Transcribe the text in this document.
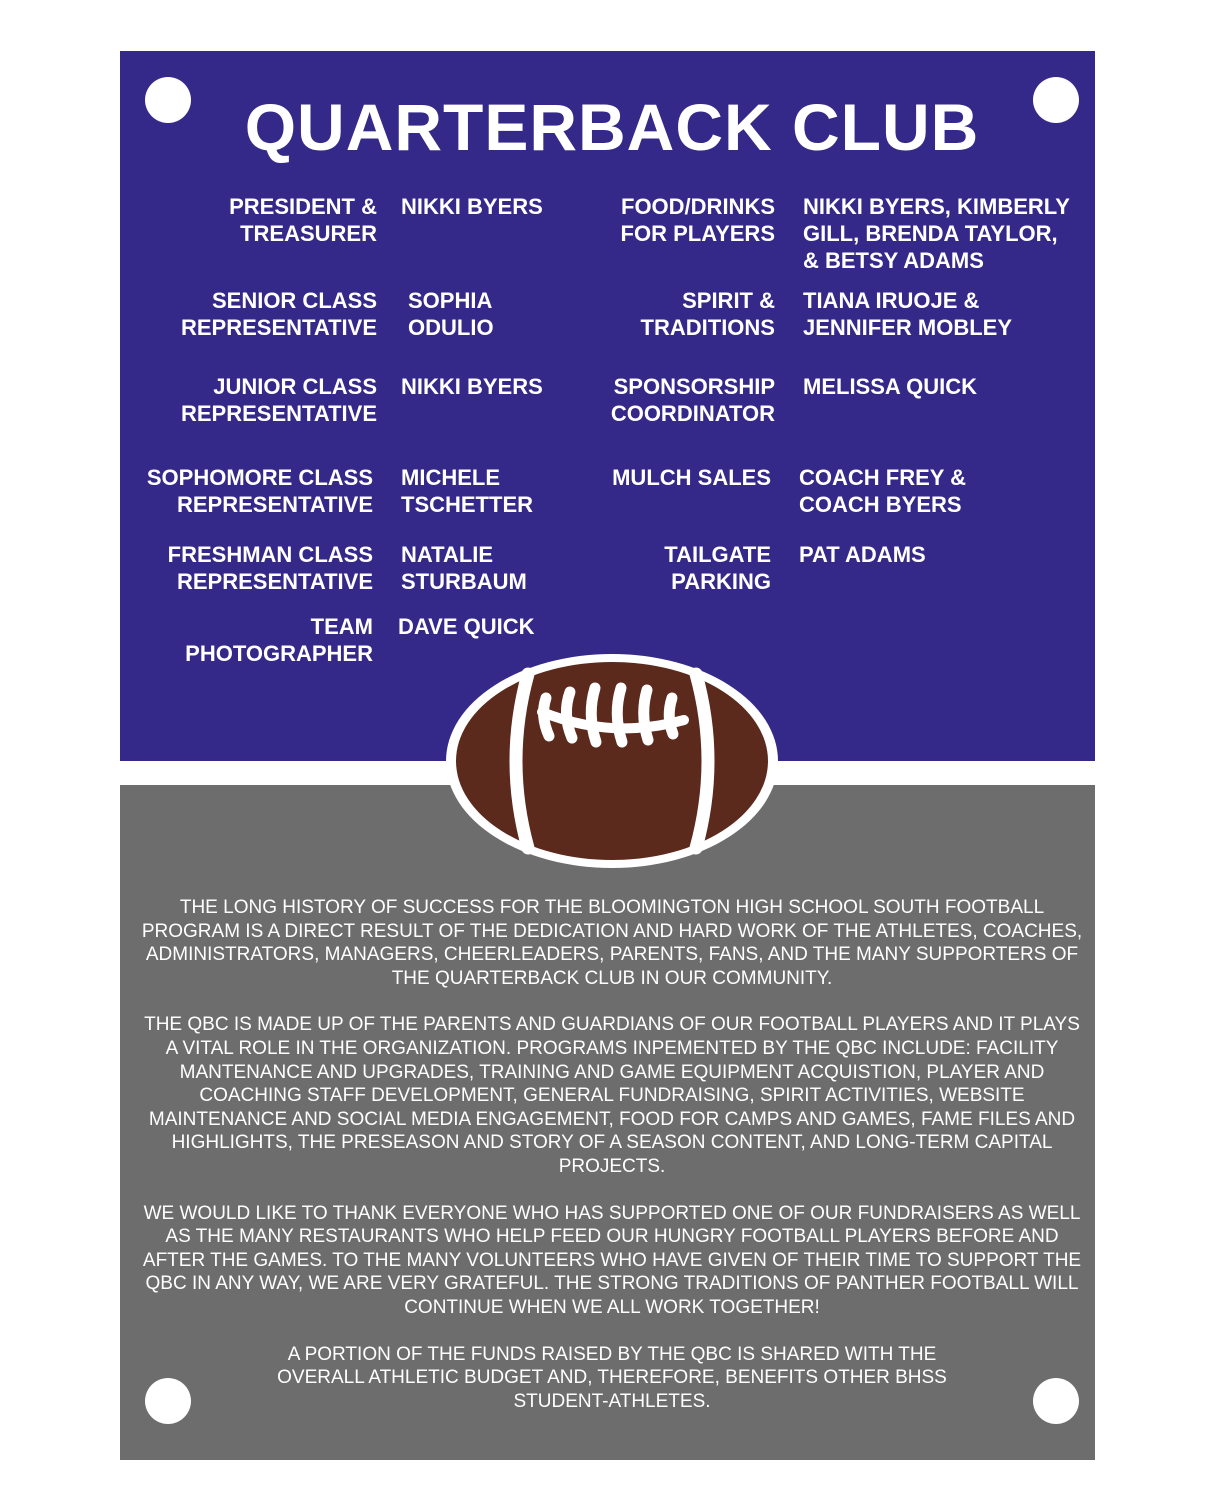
QUARTERBACK CLUB
PRESIDENT &
TREASURER
NIKKI BYERS
SENIOR CLASS
REPRESENTATIVE
SOPHIA
ODULIO
JUNIOR CLASS
REPRESENTATIVE
NIKKI BYERS
SOPHOMORE CLASS
REPRESENTATIVE
MICHELE
TSCHETTER
FRESHMAN CLASS
REPRESENTATIVE
NATALIE
STURBAUM
TEAM
PHOTOGRAPHER
DAVE QUICK
FOOD/DRINKS
FOR PLAYERS
NIKKI BYERS, KIMBERLY
GILL, BRENDA TAYLOR,
& BETSY ADAMS
SPIRIT &
TRADITIONS
TIANA IRUOJE &
JENNIFER MOBLEY
SPONSORSHIP
COORDINATOR
MELISSA QUICK
MULCH SALES COACH FREY &
COACH BYERS
TAILGATE
PARKING
PAT ADAMS

THE LONG HISTORY OF SUCCESS FOR THE BLOOMINGTON HIGH SCHOOL SOUTH FOOTBALL PROGRAM IS A DIRECT RESULT OF THE DEDICATION AND HARD WORK OF THE ATHLETES, COACHES, ADMINISTRATORS, MANAGERS, CHEERLEADERS, PARENTS, FANS, AND THE MANY SUPPORTERS OF THE QUARTERBACK CLUB IN OUR COMMUNITY.

THE QBC IS MADE UP OF THE PARENTS AND GUARDIANS OF OUR FOOTBALL PLAYERS AND IT PLAYS A VITAL ROLE IN THE ORGANIZATION. PROGRAMS INPEMENTED BY THE QBC INCLUDE: FACILITY MANTENANCE AND UPGRADES, TRAINING AND GAME EQUIPMENT ACQUISTION, PLAYER AND COACHING STAFF DEVELOPMENT, GENERAL FUNDRAISING, SPIRIT ACTIVITIES, WEBSITE MAINTENANCE AND SOCIAL MEDIA ENGAGEMENT, FOOD FOR CAMPS AND GAMES, FAME FILES AND HIGHLIGHTS, THE PRESEASON AND STORY OF A SEASON CONTENT, AND LONG-TERM CAPITAL PROJECTS.

WE WOULD LIKE TO THANK EVERYONE WHO HAS SUPPORTED ONE OF OUR FUNDRAISERS AS WELL AS THE MANY RESTAURANTS WHO HELP FEED OUR HUNGRY FOOTBALL PLAYERS BEFORE AND AFTER THE GAMES. TO THE MANY VOLUNTEERS WHO HAVE GIVEN OF THEIR TIME TO SUPPORT THE QBC IN ANY WAY, WE ARE VERY GRATEFUL. THE STRONG TRADITIONS OF PANTHER FOOTBALL WILL CONTINUE WHEN WE ALL WORK TOGETHER!

A PORTION OF THE FUNDS RAISED BY THE QBC IS SHARED WITH THE OVERALL ATHLETIC BUDGET AND, THEREFORE, BENEFITS OTHER BHSS STUDENT-ATHLETES.
